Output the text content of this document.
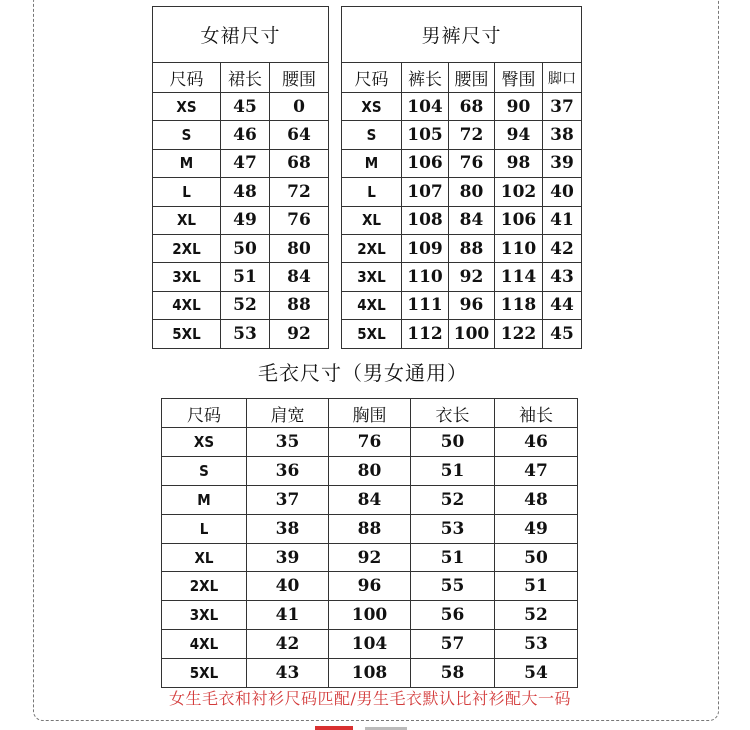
女裙尺寸		
尺码	裙长	腰围
XS	45	0
S	46	64
M	47	68
L	48	72
XL	49	76
2XL	50	80
3XL	51	84
4XL	52	88
5XL	53	92
男裤尺寸				
尺码	裤长	腰围	臀围	脚口
XS	104	68	90	37
S	105	72	94	38
M	106	76	98	39
L	107	80	102	40
XL	108	84	106	41
2XL	109	88	110	42
3XL	110	92	114	43
4XL	111	96	118	44
5XL	112	100	122	45
毛衣尺寸（男女通用）
尺码	肩宽	胸围	衣长	袖长
XS	35	76	50	46
S	36	80	51	47
M	37	84	52	48
L	38	88	53	49
XL	39	92	51	50
2XL	40	96	55	51
3XL	41	100	56	52
4XL	42	104	57	53
5XL	43	108	58	54
女生毛衣和衬衫尺码匹配/男生毛衣默认比衬衫配大一码
